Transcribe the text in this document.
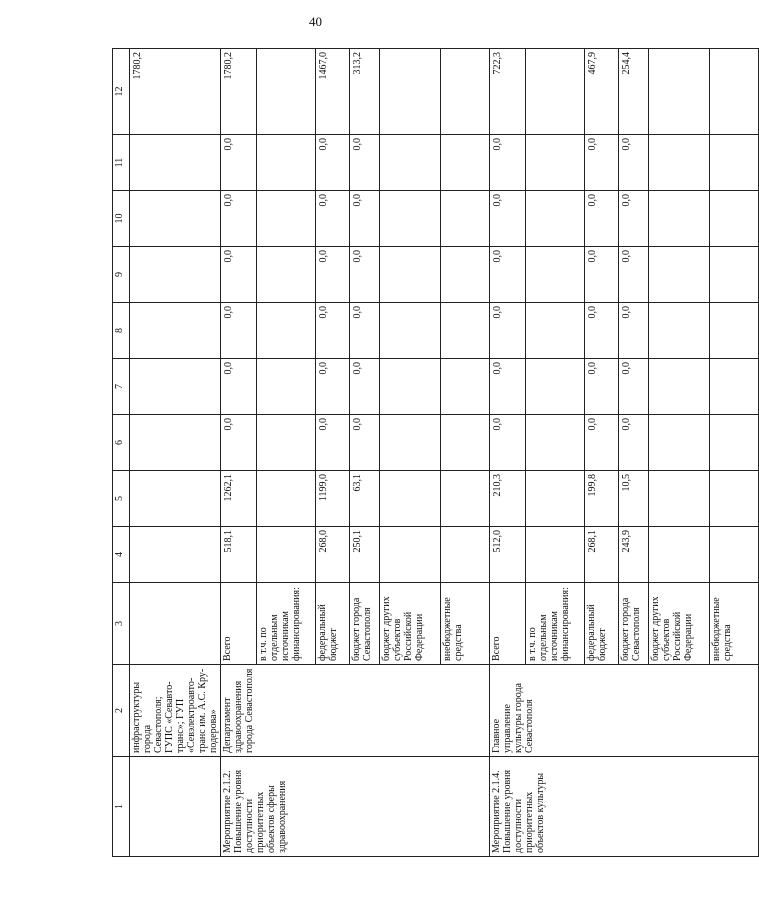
40
1	2	3	4	5	6	7	8	9	10	11	12
	инфраструктуры города Севастополя; ГУПС «Севавто-транс»; ГУП «Севэлектроавто-транс им. А.С. Кру-подерова»										1780,2
Мероприятие 2.1.2. Повышение уровня доступности приоритетных объектов сферы здравоохранения	Департамент здравоохранения города Севастополя	Всего	518,1	1262,1	0,0	0,0	0,0	0,0	0,0	0,0	1780,2
		в т.ч. по отдельным источникам финансирования:									
		федеральный бюджет	268,0	1199,0	0,0	0,0	0,0	0,0	0,0	0,0	1467,0
		бюджет города Севастополя	250,1	63,1	0,0	0,0	0,0	0,0	0,0	0,0	313,2
		бюджет других субъектов Российской Федерации									
		внебюджетные средства									
Мероприятие 2.1.4. Повышение уровня доступности приоритетных объектов культуры	Главное управление культуры города Севастополя	Всего	512,0	210,3	0,0	0,0	0,0	0,0	0,0	0,0	722,3
		в т.ч. по отдельным источникам финансирования:									
		федеральный бюджет	268,1	199,8	0,0	0,0	0,0	0,0	0,0	0,0	467,9
		бюджет города Севастополя	243,9	10,5	0,0	0,0	0,0	0,0	0,0	0,0	254,4
		бюджет других субъектов Российской Федерации									
		внебюджетные средства									
